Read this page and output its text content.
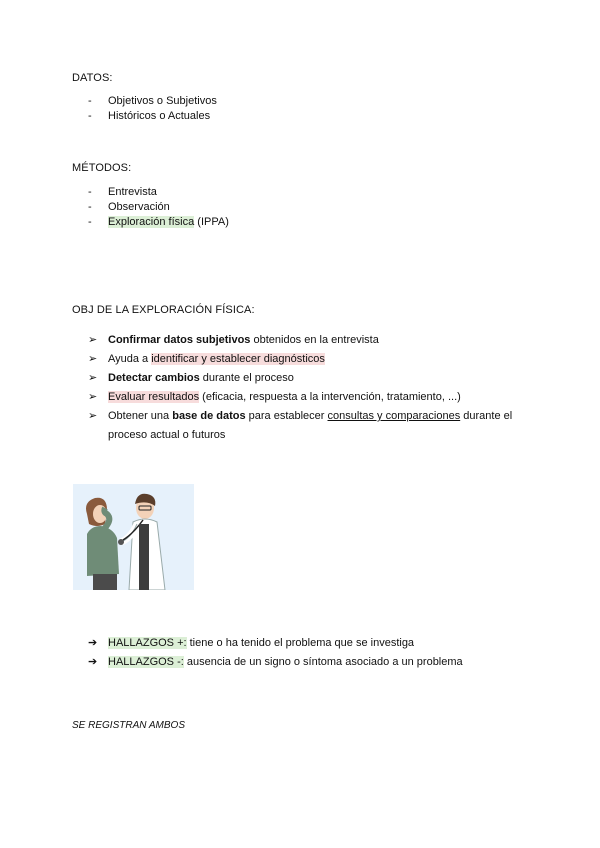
DATOS:
- Objetivos o Subjetivos
- Históricos o Actuales
MÉTODOS:
- Entrevista
- Observación
- Exploración física (IPPA)
OBJ DE LA EXPLORACIÓN FÍSICA:
➢ Confirmar datos subjetivos obtenidos en la entrevista
➢ Ayuda a identificar y establecer diagnósticos
➢ Detectar cambios durante el proceso
➢ Evaluar resultados (eficacia, respuesta a la intervención, tratamiento, ...)
➢ Obtener una base de datos para establecer consultas y comparaciones durante el proceso actual o futuros
➔ HALLAZGOS +: tiene o ha tenido el problema que se investiga
➔ HALLAZGOS -: ausencia de un signo o síntoma asociado a un problema
SE REGISTRAN AMBOS
